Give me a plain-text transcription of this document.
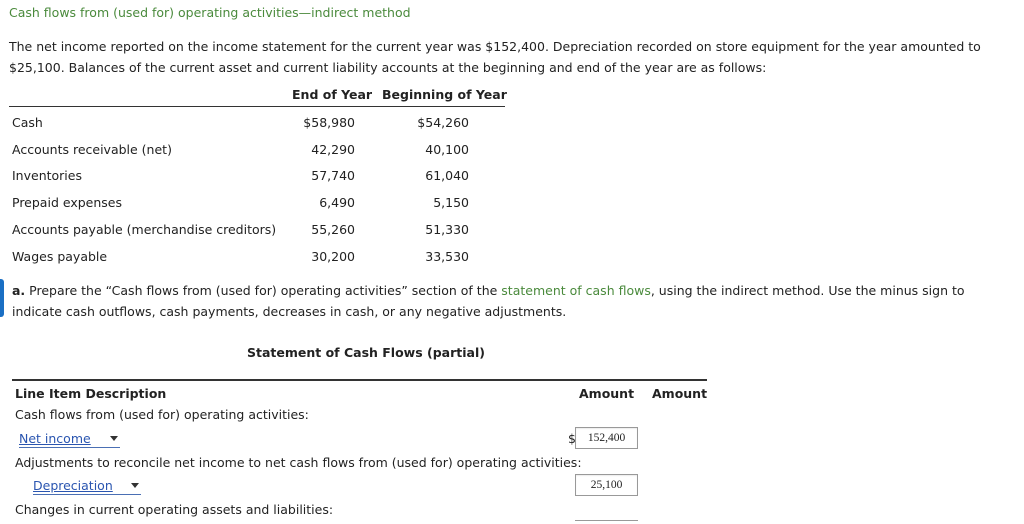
Cash flows from (used for) operating activities—indirect method
The net income reported on the income statement for the current year was $152,400. Depreciation recorded on store equipment for the year amounted to $25,100. Balances of the current asset and current liability accounts at the beginning and end of the year are as follows:
End of Year Beginning of Year
Cash	$58,980	$54,260
Accounts receivable (net)	42,290	40,100
Inventories	57,740	61,040
Prepaid expenses	6,490	5,150
Accounts payable (merchandise creditors)	55,260	51,330
Wages payable	30,200	33,530
a. Prepare the “Cash flows from (used for) operating activities” section of the statement of cash flows, using the indirect method. Use the minus sign to indicate cash outflows, cash payments, decreases in cash, or any negative adjustments.
Statement of Cash Flows (partial)
Line Item Description	Amount Amount
Cash flows from (used for) operating activities:
Net income	$	152,400
Adjustments to reconcile net income to net cash flows from (used for) operating activities:
Depreciation	25,100
Changes in current operating assets and liabilities:
